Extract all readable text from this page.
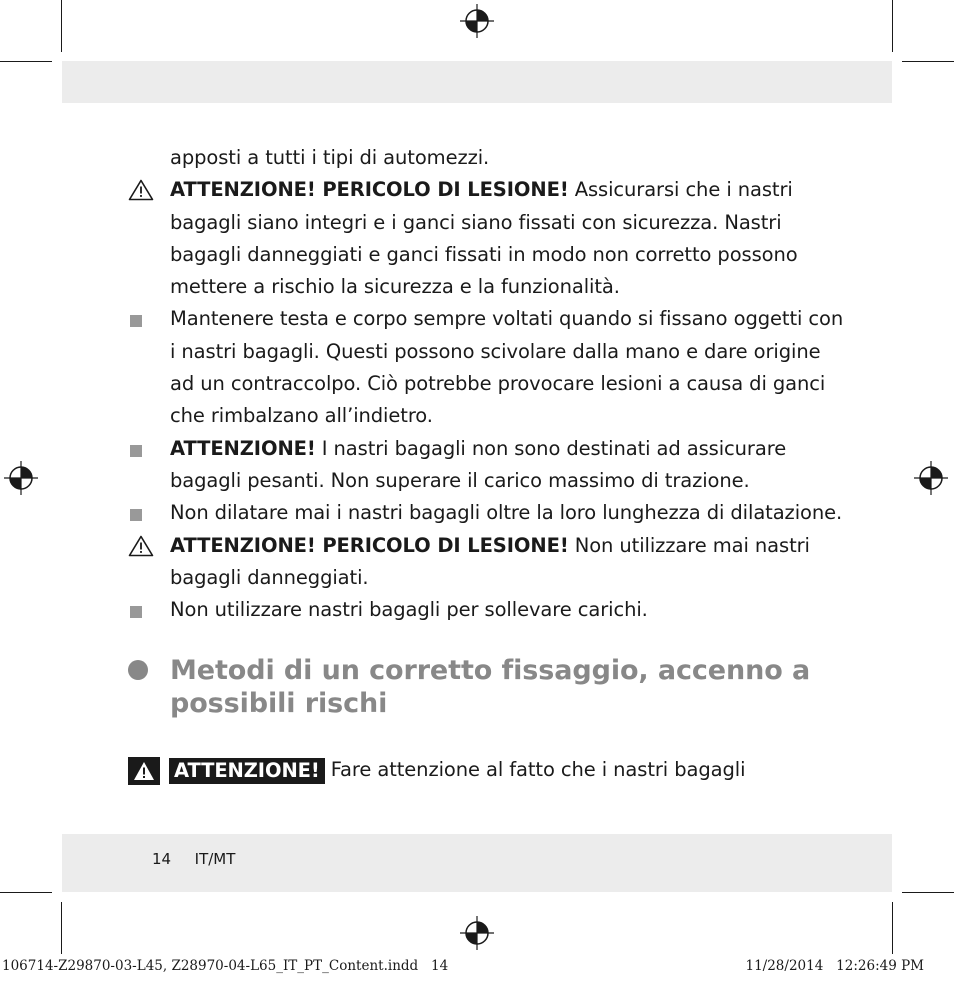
apposti a tutti i tipi di automezzi.
ATTENZIONE! PERICOLO DI LESIONE! Assicurarsi che i nastri bagagli siano integri e i ganci siano fissati con sicurezza. Nastri bagagli danneggiati e ganci fissati in modo non corretto possono mettere a rischio la sicurezza e la funzionalità.
Mantenere testa e corpo sempre voltati quando si fissano oggetti con i nastri bagagli. Questi possono scivolare dalla mano e dare origine ad un contraccolpo. Ciò potrebbe provocare lesioni a causa di ganci che rimbalzano all’indietro.
ATTENZIONE! I nastri bagagli non sono destinati ad assicurare bagagli pesanti. Non superare il carico massimo di trazione.
Non dilatare mai i nastri bagagli oltre la loro lunghezza di dilatazione.
ATTENZIONE! PERICOLO DI LESIONE! Non utilizzare mai nastri bagagli danneggiati.
Non utilizzare nastri bagagli per sollevare carichi.
Metodi di un corretto fissaggio, accenno a possibili rischi
ATTENZIONE! Fare attenzione al fatto che i nastri bagagli
14 IT/MT
106714-Z29870-03-L45, Z28970-04-L65_IT_PT_Content.indd   14	11/28/2014   12:26:49 PM
